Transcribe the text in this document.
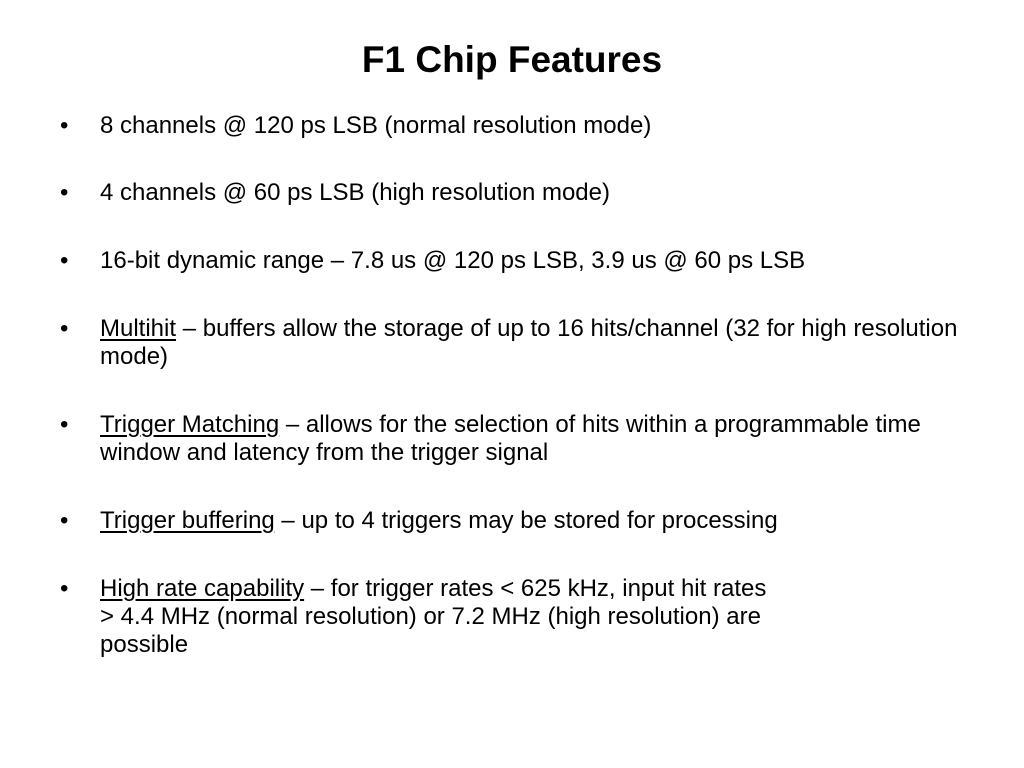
F1 Chip Features
•	8 channels @ 120 ps LSB (normal resolution mode)
•	4 channels @ 60 ps LSB (high resolution mode)
•	16-bit dynamic range – 7.8 us @ 120 ps LSB, 3.9 us @ 60 ps LSB
•	Multihit – buffers allow the storage of up to 16 hits/channel (32 for high resolution mode)
•	Trigger Matching – allows for the selection of hits within a programmable time window and latency from the trigger signal
•	Trigger buffering – up to 4 triggers may be stored for processing
•	High rate capability – for trigger rates < 625 kHz, input hit rates
> 4.4 MHz (normal resolution) or 7.2 MHz (high resolution) are
possible
